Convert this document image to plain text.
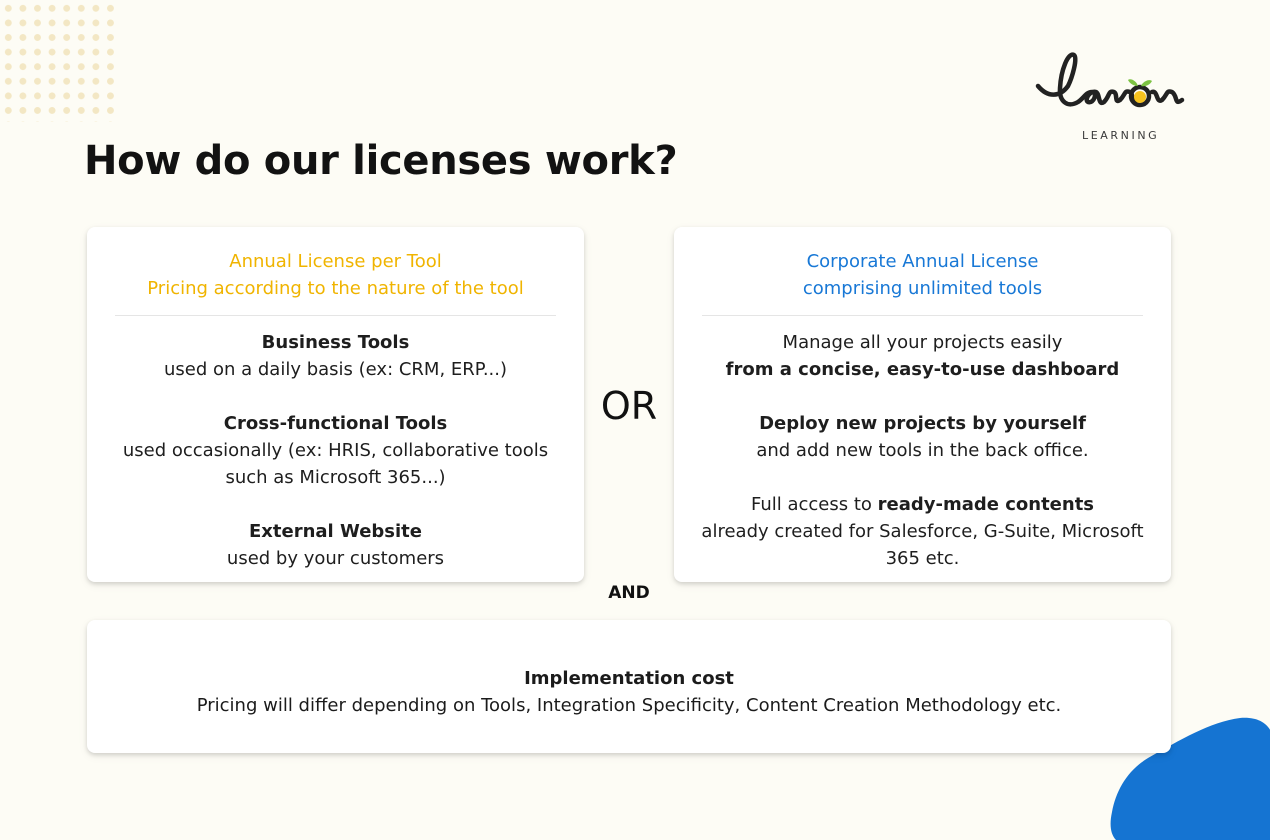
LEARNING
How do our licenses work?
Annual License per Tool
Pricing according to the nature of the tool
Business Tools
used on a daily basis (ex: CRM, ERP...)
Cross-functional Tools
used occasionally (ex: HRIS, collaborative tools
such as Microsoft 365...)
External Website
used by your customers
OR
Corporate Annual License
comprising unlimited tools
Manage all your projects easily
from a concise, easy-to-use dashboard
Deploy new projects by yourself
and add new tools in the back office.
Full access to ready-made contents
already created for Salesforce, G-Suite, Microsoft
365 etc.
AND
Implementation cost
Pricing will differ depending on Tools, Integration Specificity, Content Creation Methodology etc.
